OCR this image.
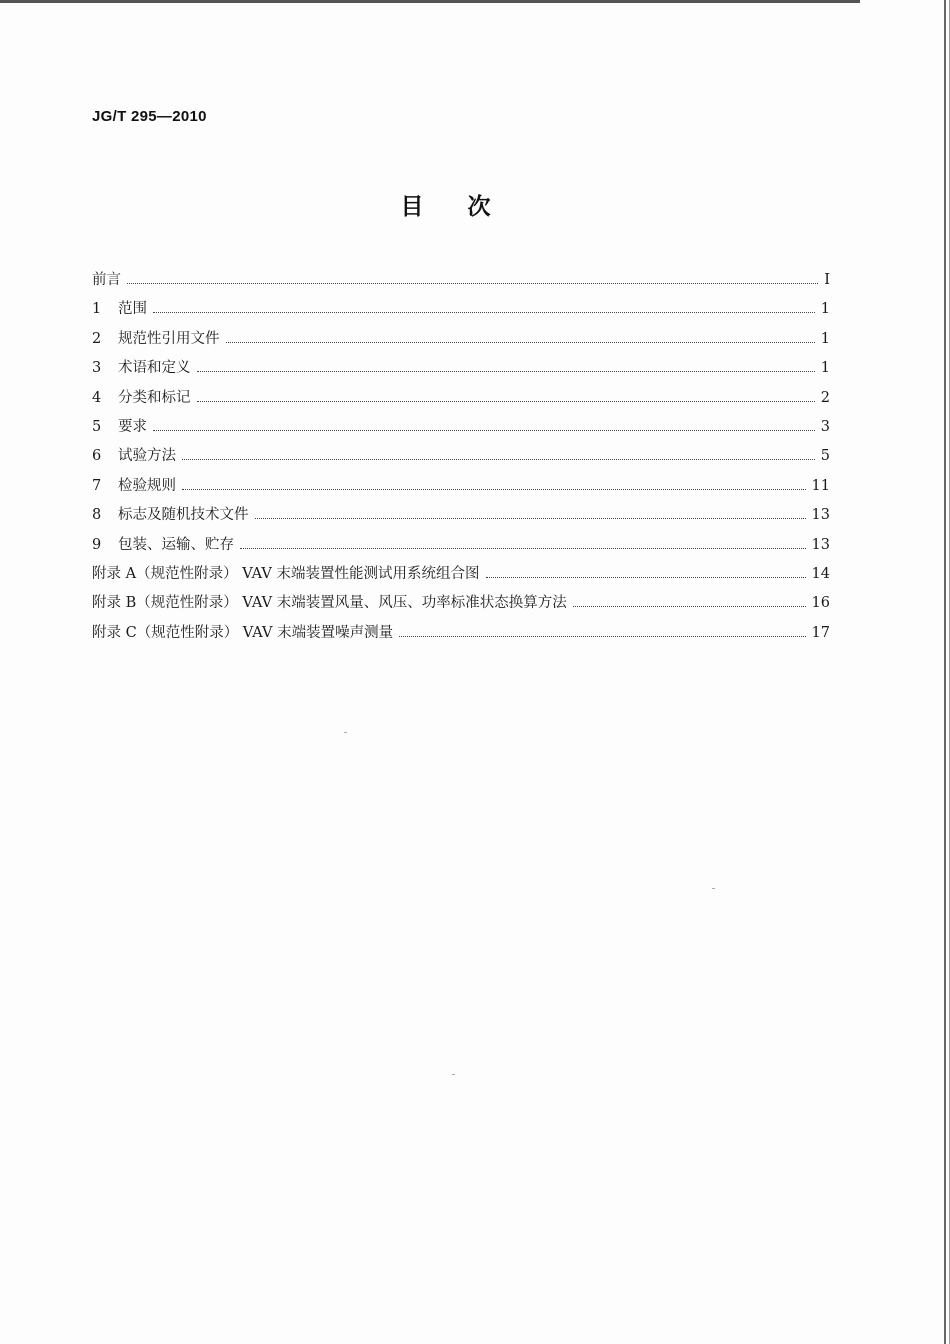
JG/T 295—2010
目次
前言	Ⅰ
1 范围	1
2 规范性引用文件	1
3 术语和定义	1
4 分类和标记	2
5 要求	3
6 试验方法	5
7 检验规则	11
8 标志及随机技术文件	13
9 包装、运输、贮存	13
附录 A（规范性附录） VAV 末端装置性能测试用系统组合图	14
附录 B（规范性附录） VAV 末端装置风量、风压、功率标准状态换算方法	16
附录 C（规范性附录） VAV 末端装置噪声测量	17
